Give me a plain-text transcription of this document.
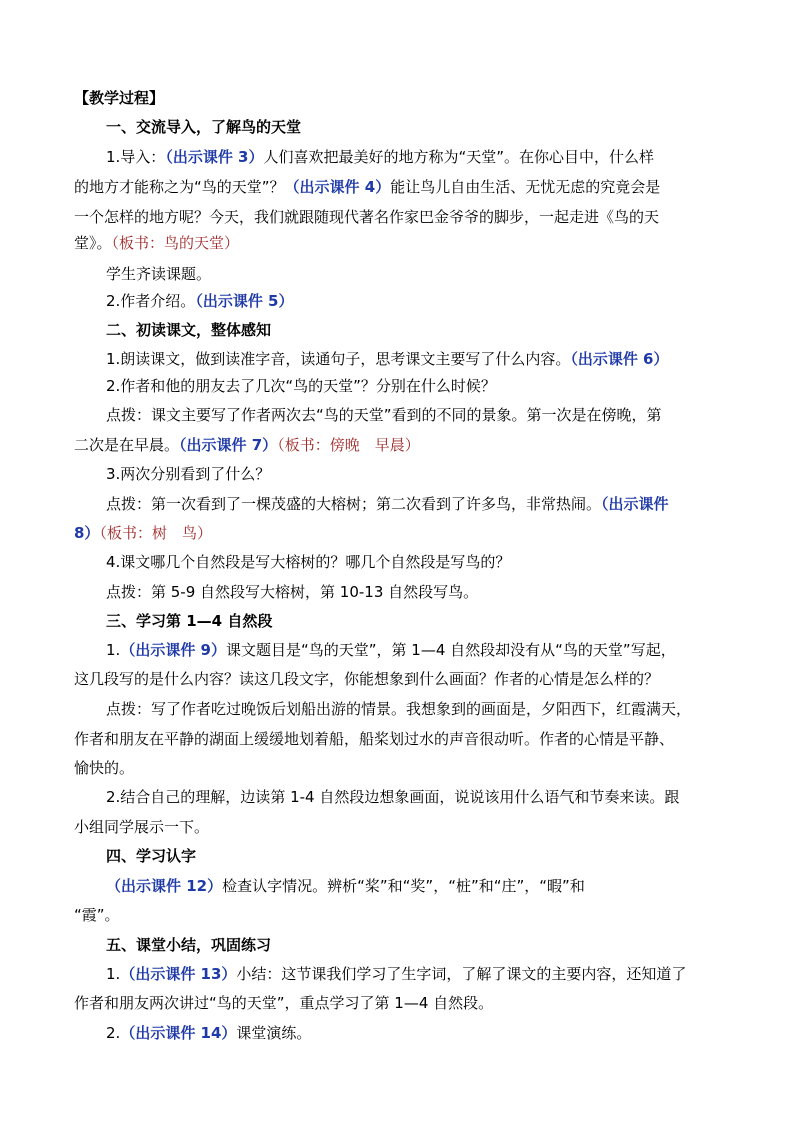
【教学过程】
一、交流导入，了解鸟的天堂
1.导入：（出示课件 3）人们喜欢把最美好的地方称为“天堂”。在你心目中，什么样
的地方才能称之为“鸟的天堂”？（出示课件 4）能让鸟儿自由生活、无忧无虑的究竟会是
一个怎样的地方呢？今天，我们就跟随现代著名作家巴金爷爷的脚步，一起走进《鸟的天
堂》。（板书：鸟的天堂）
学生齐读课题。
2.作者介绍。（出示课件 5）
二、初读课文，整体感知
1.朗读课文，做到读准字音，读通句子，思考课文主要写了什么内容。（出示课件 6）
2.作者和他的朋友去了几次“鸟的天堂”？分别在什么时候？
点拨：课文主要写了作者两次去“鸟的天堂”看到的不同的景象。第一次是在傍晚，第
二次是在早晨。（出示课件 7）（板书：傍晚　早晨）
3.两次分别看到了什么？
点拨：第一次看到了一棵茂盛的大榕树；第二次看到了许多鸟，非常热闹。（出示课件
8）（板书：树　鸟）
4.课文哪几个自然段是写大榕树的？哪几个自然段是写鸟的？
点拨：第 5-9 自然段写大榕树，第 10-13 自然段写鸟。
三、学习第 1—4 自然段
1.（出示课件 9）课文题目是“鸟的天堂”，第 1—4 自然段却没有从“鸟的天堂”写起，
这几段写的是什么内容？读这几段文字，你能想象到什么画面？作者的心情是怎么样的？
点拨：写了作者吃过晚饭后划船出游的情景。我想象到的画面是，夕阳西下，红霞满天，
作者和朋友在平静的湖面上缓缓地划着船，船桨划过水的声音很动听。作者的心情是平静、
愉快的。
2.结合自己的理解，边读第 1-4 自然段边想象画面，说说该用什么语气和节奏来读。跟
小组同学展示一下。
四、学习认字
（出示课件 12）检查认字情况。辨析“桨”和“奖”，“桩”和“庄”，“暇”和
“霞”。
五、课堂小结，巩固练习
1.（出示课件 13）小结：这节课我们学习了生字词，了解了课文的主要内容，还知道了
作者和朋友两次讲过“鸟的天堂”，重点学习了第 1—4 自然段。
2.（出示课件 14）课堂演练。
